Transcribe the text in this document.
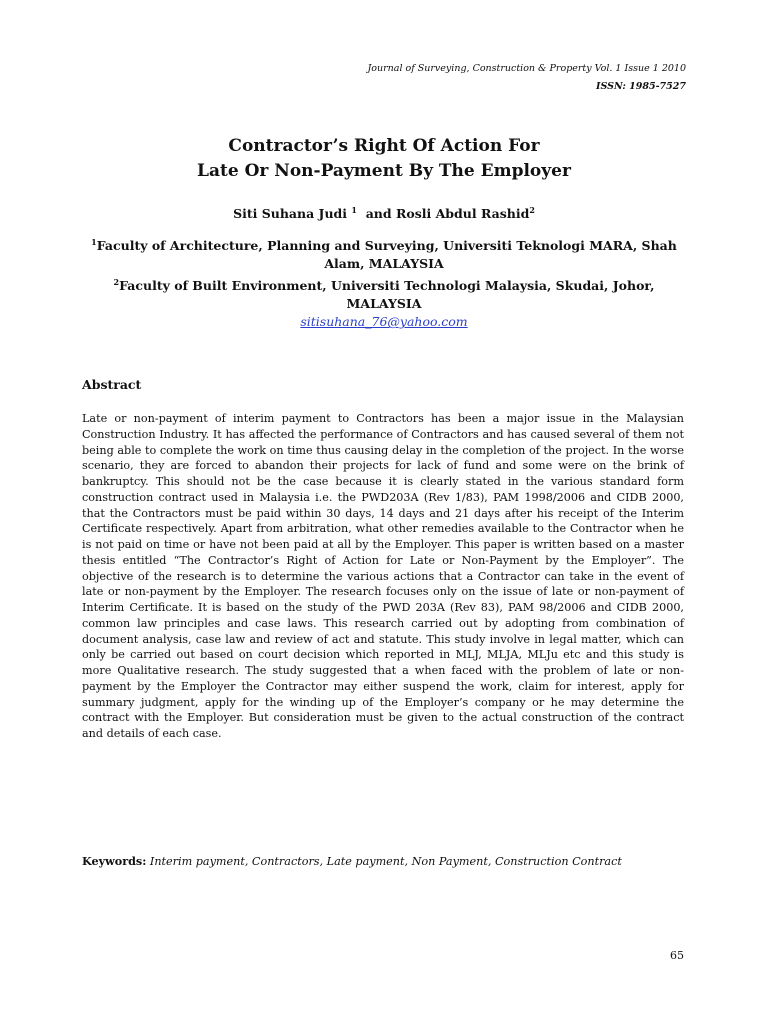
Journal of Surveying, Construction & Property Vol. 1 Issue 1 2010
ISSN: 1985-7527
Contractor’s Right Of Action For
Late Or Non-Payment By The Employer
Siti Suhana Judi $^1$  and Rosli Abdul Rashid$^2$
$^1$Faculty of Architecture, Planning and Surveying, Universiti Teknologi MARA, Shah Alam, MALAYSIA
$^2$Faculty of Built Environment, Universiti Technologi Malaysia, Skudai, Johor, MALAYSIA
sitisuhana_76@yahoo.com
Abstract

Late or non-payment of interim payment to Contractors has been a major issue in the Malaysian Construction Industry. It has affected the performance of Contractors and has caused several of them not being able to complete the work on time thus causing delay in the completion of the project. In the worse scenario, they are forced to abandon their projects for lack of fund and some were on the brink of bankruptcy. This should not be the case because it is clearly stated in the various standard form construction contract used in Malaysia i.e. the PWD203A (Rev 1/83), PAM 1998/2006 and CIDB 2000, that the Contractors must be paid within 30 days, 14 days and 21 days after his receipt of the Interim Certificate respectively. Apart from arbitration, what other remedies available to the Contractor when he is not paid on time or have not been paid at all by the Employer. This paper is written based on a master thesis entitled “The Contractor’s Right of Action for Late or Non-Payment by the Employer”. The objective of the research is to determine the various actions that a Contractor can take in the event of late or non-payment by the Employer. The research focuses only on the issue of late or non-payment of Interim Certificate. It is based on the study of the PWD 203A (Rev 83), PAM 98/2006 and CIDB 2000, common law principles and case laws. This research carried out by adopting from combination of document analysis, case law and review of act and statute. This study involve in legal matter, which can only be carried out based on court decision which reported in MLJ, MLJA, MLJu etc and this study is more Qualitative research. The study suggested that a when faced with the problem of late or non-payment by the Employer the Contractor may either suspend the work, claim for interest, apply for summary judgment, apply for the winding up of the Employer’s company or he may determine the contract with the Employer. But consideration must be given to the actual construction of the contract and details of each case.

Keywords: Interim payment, Contractors, Late payment, Non Payment, Construction Contract
65
